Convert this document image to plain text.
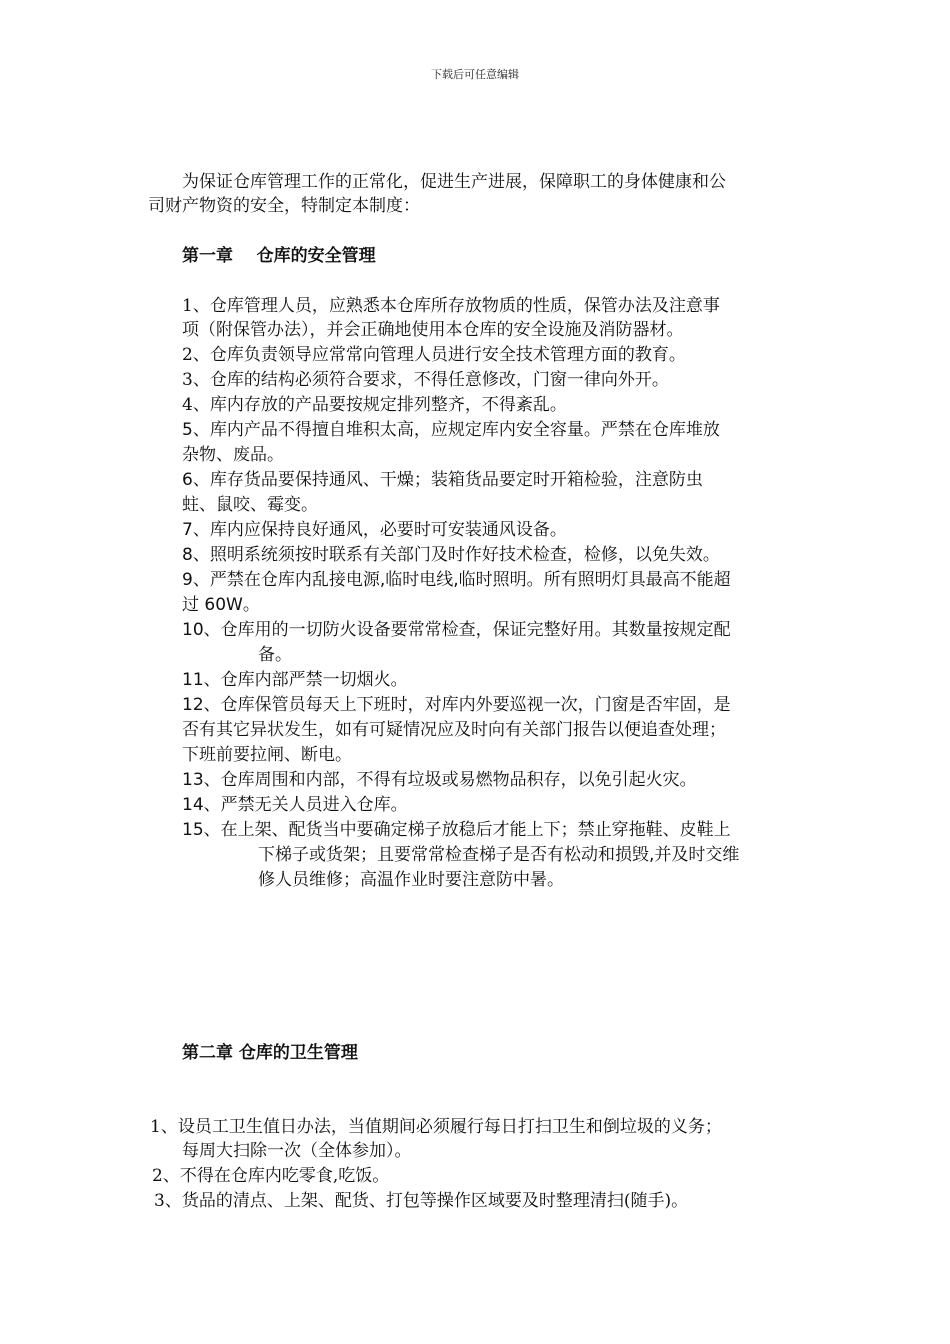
下载后可任意编辑
为保证仓库管理工作的正常化，促进生产进展，保障职工的身体健康和公
司财产物资的安全，特制定本制度：
第一章    仓库的安全管理
1、仓库管理人员，应熟悉本仓库所存放物质的性质，保管办法及注意事
项（附保管办法），并会正确地使用本仓库的安全设施及消防器材。
2、仓库负责领导应常常向管理人员进行安全技术管理方面的教育。
3、仓库的结构必须符合要求，不得任意修改，门窗一律向外开。
4、库内存放的产品要按规定排列整齐，不得紊乱。
5、库内产品不得擅自堆积太高，应规定库内安全容量。严禁在仓库堆放
杂物、废品。
6、库存货品要保持通风、干燥；装箱货品要定时开箱检验，注意防虫
蛀、鼠咬、霉变。
7、库内应保持良好通风，必要时可安装通风设备。
8、照明系统须按时联系有关部门及时作好技术检查，检修，以免失效。
9、严禁在仓库内乱接电源,临时电线,临时照明。所有照明灯具最高不能超
过 60W。
10、仓库用的一切防火设备要常常检查，保证完整好用。其数量按规定配
备。
11、仓库内部严禁一切烟火。
12、仓库保管员每天上下班时，对库内外要巡视一次，门窗是否牢固，是
否有其它异状发生，如有可疑情况应及时向有关部门报告以便追查处理；
下班前要拉闸、断电。
13、仓库周围和内部，不得有垃圾或易燃物品积存，以免引起火灾。
14、严禁无关人员进入仓库。
15、在上架、配货当中要确定梯子放稳后才能上下；禁止穿拖鞋、皮鞋上
下梯子或货架；且要常常检查梯子是否有松动和损毁,并及时交维
修人员维修；高温作业时要注意防中暑。
第二章 仓库的卫生管理
1、设员工卫生值日办法，当值期间必须履行每日打扫卫生和倒垃圾的义务；
每周大扫除一次（全体参加）。
2、不得在仓库内吃零食,吃饭。
3、货品的清点、上架、配货、打包等操作区域要及时整理清扫(随手)。
